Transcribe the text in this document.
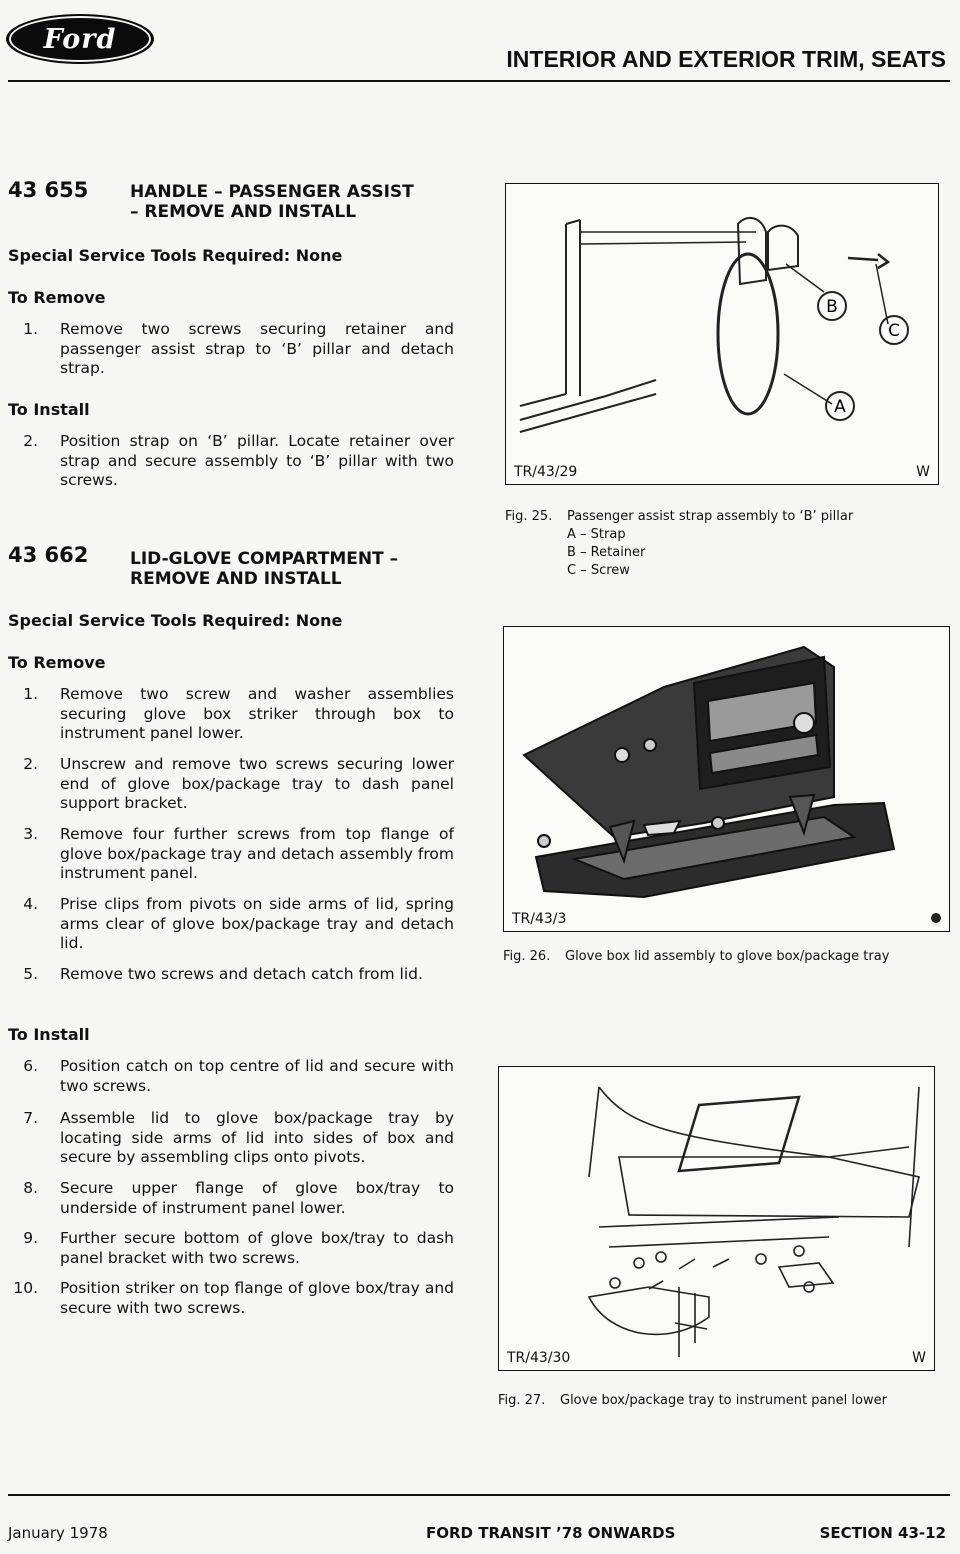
Ford
INTERIOR AND EXTERIOR TRIM, SEATS
43 655 HANDLE – PASSENGER ASSIST
– REMOVE AND INSTALL
Special Service Tools Required: None
To Remove
1. Remove two screws securing retainer and passenger assist strap to ‘B’ pillar and detach strap.
To Install
2. Position strap on ‘B’ pillar. Locate retainer over strap and secure assembly to ‘B’ pillar with two screws.
43 662 LID-GLOVE COMPARTMENT –
REMOVE AND INSTALL
Special Service Tools Required: None
To Remove
1. Remove two screw and washer assemblies securing glove box striker through box to instrument panel lower.
2. Unscrew and remove two screws securing lower end of glove box/package tray to dash panel support bracket.
3. Remove four further screws from top flange of glove box/package tray and detach assembly from instrument panel.
4. Prise clips from pivots on side arms of lid, spring arms clear of glove box/package tray and detach lid.
5. Remove two screws and detach catch from lid.
To Install
6. Position catch on top centre of lid and secure with two screws.
7. Assemble lid to glove box/package tray by locating side arms of lid into sides of box and secure by assembling clips onto pivots.
8. Secure upper flange of glove box/tray to underside of instrument panel lower.
9. Further secure bottom of glove box/tray to dash panel bracket with two screws.
10. Position striker on top flange of glove box/tray and secure with two screws.
B
C
A
TR/43/29	W
Fig. 25. Passenger assist strap assembly to ‘B’ pillar
A – Strap
B – Retainer
C – Screw
TR/43/3
Fig. 26. Glove box lid assembly to glove box/package tray
TR/43/30	W
Fig. 27. Glove box/package tray to instrument panel lower
January 1978	FORD TRANSIT ’78 ONWARDS	SECTION 43-12
